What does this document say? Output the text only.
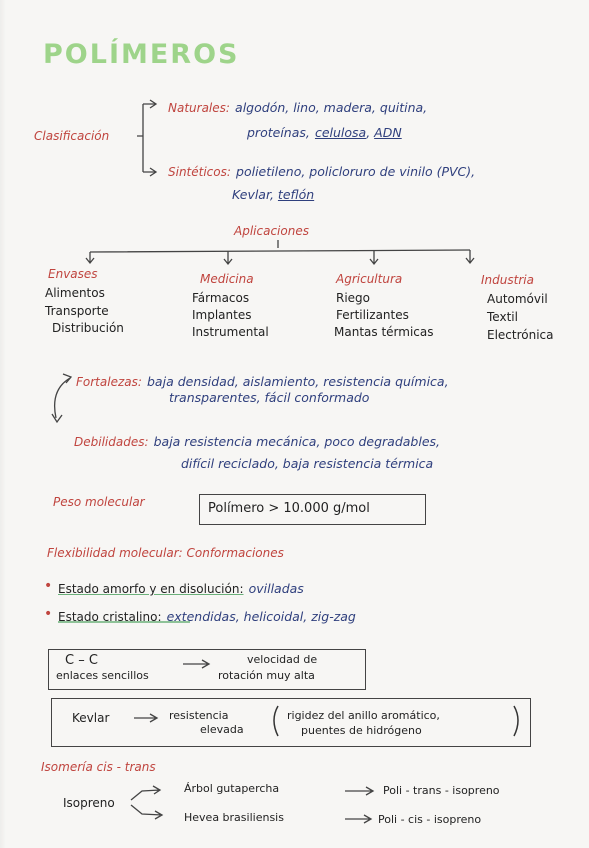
POLÍMEROS
Clasificación
Naturales: algodón, lino, madera, quitina,
proteínas, celulosa, ADN
Sintéticos: polietileno, policloruro de vinilo (PVC),
Kevlar, teflón
Aplicaciones
Envases
Alimentos
Transporte
Distribución
Medicina
Fármacos
Implantes
Instrumental
Agricultura
Riego
Fertilizantes
Mantas térmicas
Industria
Automóvil
Textil
Electrónica
Fortalezas: baja densidad, aislamiento, resistencia química,
transparentes, fácil conformado
Debilidades: baja resistencia mecánica, poco degradables,
difícil reciclado, baja resistencia térmica
Peso molecular	Polímero > 10.000 g/mol
Flexibilidad molecular: Conformaciones
• Estado amorfo y en disolución: ovilladas
• Estado cristalino: extendidas, helicoidal, zig-zag
C – C
enlaces sencillos
velocidad de
rotación muy alta
Kevlar	resistencia
elevada
rigidez del anillo aromático,
puentes de hidrógeno
Isomería cis - trans
Isopreno
Árbol gutapercha	Poli - trans - isopreno
Hevea brasiliensis	Poli - cis - isopreno
